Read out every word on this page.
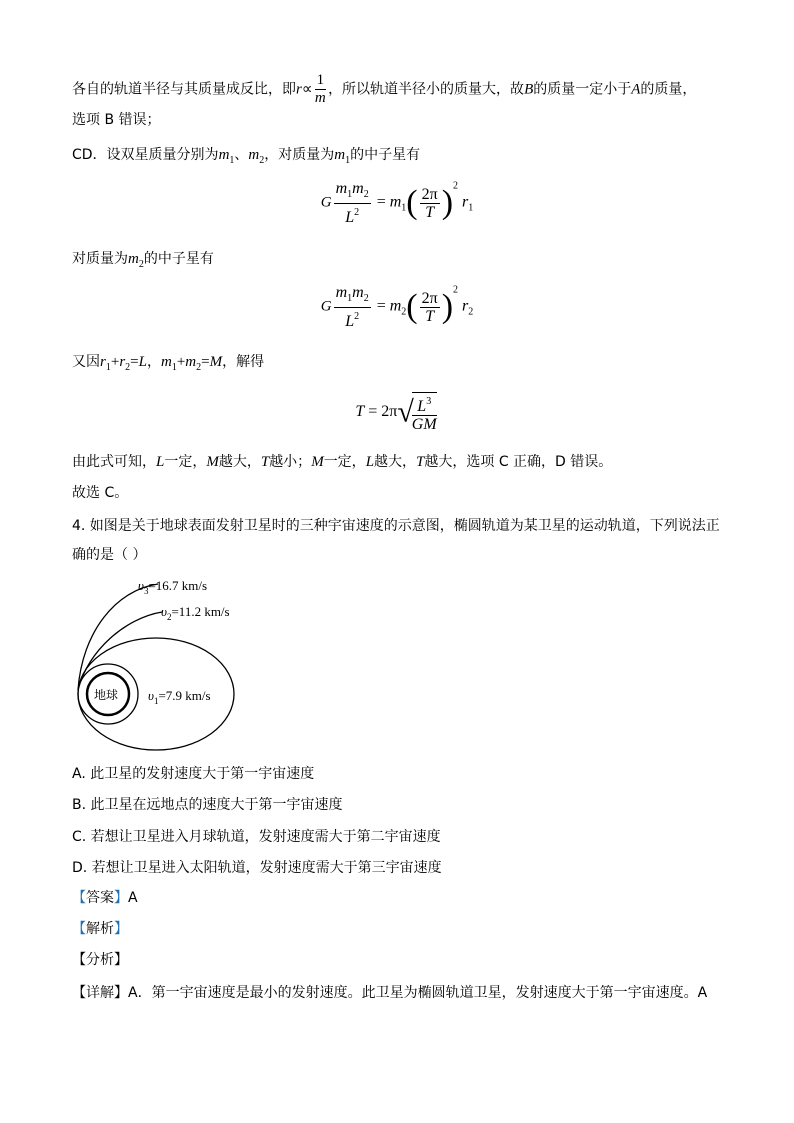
各自的轨道半径与其质量成反比，即$r\propto \frac{1}{m}$ ，所以轨道半径小的质量大，故B的质量一定小于A的质量，
选项 B 错误；
CD．设双星质量分别为$m_1$、$m_2$，对质量为$m_1$的中子星有
G $\frac{m_1m_2}{L^2} = m_1( \frac{2\pi}{T} )^2$ $r_1$
对质量为$m_2$的中子星有
G $\frac{m_1m_2}{L^2} = m_2( \frac{2\pi}{T} )^2$ $r_2$
又因$r_1+r_2=L$，$m_1+m_2=M$，解得
T = 2π√
$\frac{L^3}{GM}$
由此式可知，L一定，M越大，T越小；M一定，L越大，T越大，选项 C 正确，D 错误。
故选 C。
4. 如图是关于地球表面发射卫星时的三种宇宙速度的示意图，椭圆轨道为某卫星的运动轨道，下列说法正
确的是（ ）
地球 $\upsilon_1=7.9$ km/s
$\upsilon_3=16.7$ km/s
$\upsilon_2=11.2$ km/s
A. 此卫星的发射速度大于第一宇宙速度
B. 此卫星在远地点的速度大于第一宇宙速度
C. 若想让卫星进入月球轨道，发射速度需大于第二宇宙速度
D. 若想让卫星进入太阳轨道，发射速度需大于第三宇宙速度
【答案】A
【解析】
【分析】
【详解】A．第一宇宙速度是最小的发射速度。此卫星为椭圆轨道卫星，发射速度大于第一宇宙速度。A
